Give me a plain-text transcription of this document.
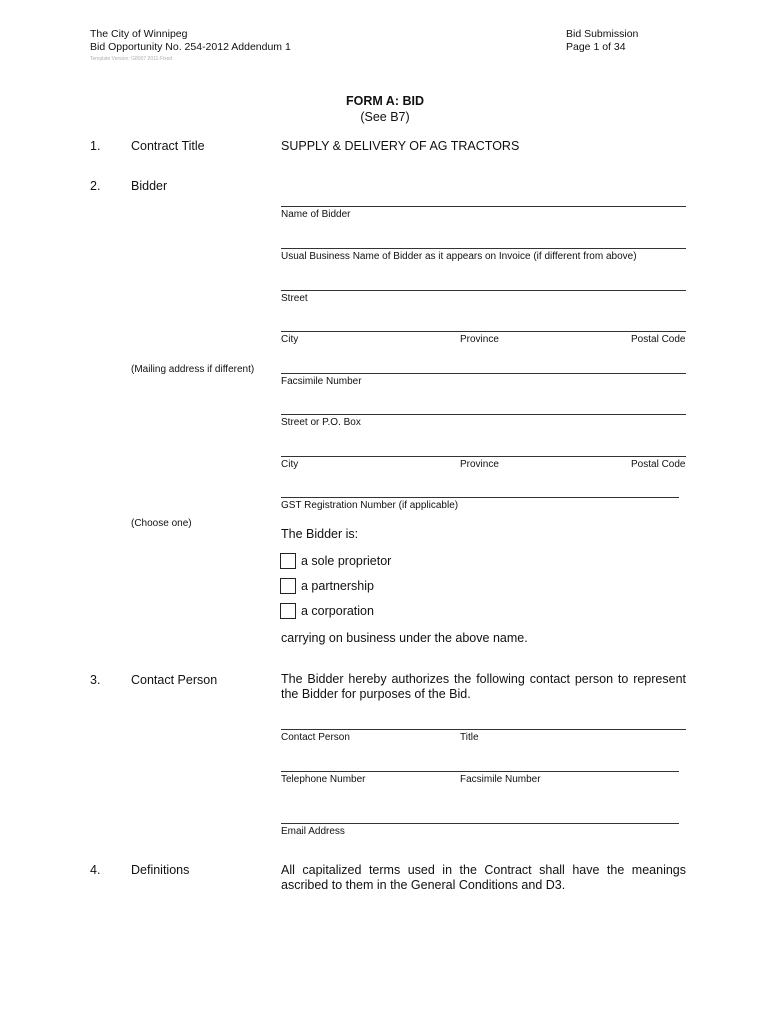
The City of Winnipeg
Bid Opportunity No. 254-2012 Addendum 1
Template Version: G8007 2011-Fixed
Bid Submission
Page 1 of 34
FORM A: BID
(See B7)
1. Contract Title	SUPPLY & DELIVERY OF AG TRACTORS
2. Bidder
Name of Bidder
Usual Business Name of Bidder as it appears on Invoice (if different from above)
Street
City	Province	Postal Code
(Mailing address if different)
Facsimile Number
Street or P.O. Box
City	Province	Postal Code
GST Registration Number (if applicable)
(Choose one)
The Bidder is:
a sole proprietor
a partnership
a corporation
carrying on business under the above name.
3. Contact Person	The Bidder hereby authorizes the following contact person to represent the Bidder for purposes of the Bid.
Contact Person	Title
Telephone Number	Facsimile Number
Email Address
4. Definitions	All capitalized terms used in the Contract shall have the meanings ascribed to them in the General Conditions and D3.
